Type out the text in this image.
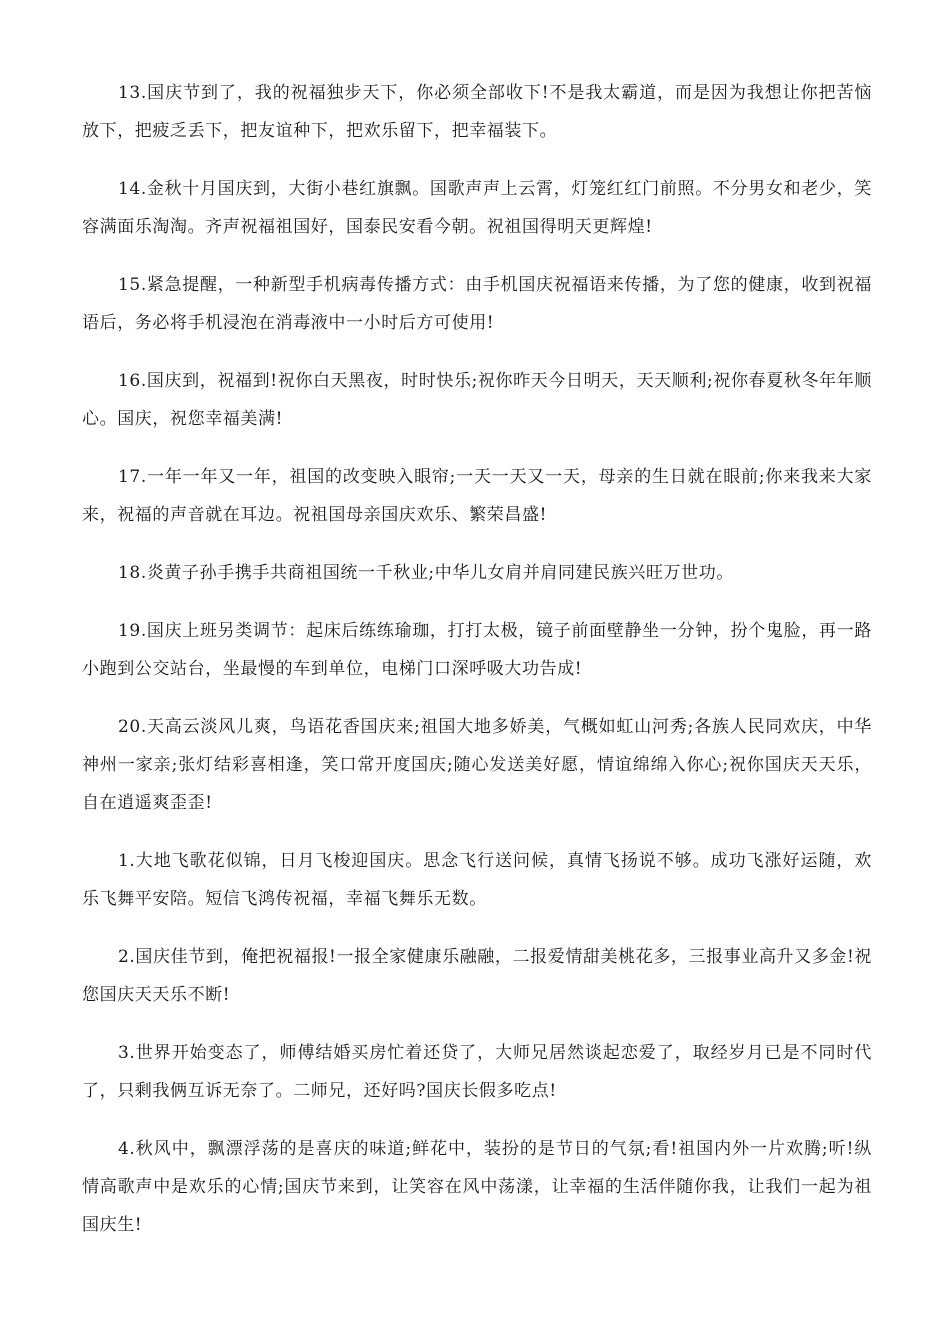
13.国庆节到了，我的祝福独步天下，你必须全部收下!不是我太霸道，而是因为我想让你把苦恼放下，把疲乏丢下，把友谊种下，把欢乐留下，把幸福装下。

14.金秋十月国庆到，大街小巷红旗飘。国歌声声上云霄，灯笼红红门前照。不分男女和老少，笑容满面乐淘淘。齐声祝福祖国好，国泰民安看今朝。祝祖国得明天更辉煌!

15.紧急提醒，一种新型手机病毒传播方式：由手机国庆祝福语来传播，为了您的健康，收到祝福语后，务必将手机浸泡在消毒液中一小时后方可使用!

16.国庆到，祝福到!祝你白天黑夜，时时快乐;祝你昨天今日明天，天天顺利;祝你春夏秋冬年年顺心。国庆，祝您幸福美满!

17.一年一年又一年，祖国的改变映入眼帘;一天一天又一天，母亲的生日就在眼前;你来我来大家来，祝福的声音就在耳边。祝祖国母亲国庆欢乐、繁荣昌盛!

18.炎黄子孙手携手共商祖国统一千秋业;中华儿女肩并肩同建民族兴旺万世功。

19.国庆上班另类调节：起床后练练瑜珈，打打太极，镜子前面壁静坐一分钟，扮个鬼脸，再一路小跑到公交站台，坐最慢的车到单位，电梯门口深呼吸大功告成!

20.天高云淡风儿爽，鸟语花香国庆来;祖国大地多娇美，气概如虹山河秀;各族人民同欢庆，中华神州一家亲;张灯结彩喜相逢，笑口常开度国庆;随心发送美好愿，情谊绵绵入你心;祝你国庆天天乐，自在逍遥爽歪歪!

1.大地飞歌花似锦，日月飞梭迎国庆。思念飞行送问候，真情飞扬说不够。成功飞涨好运随，欢乐飞舞平安陪。短信飞鸿传祝福，幸福飞舞乐无数。

2.国庆佳节到，俺把祝福报!一报全家健康乐融融，二报爱情甜美桃花多，三报事业高升又多金!祝您国庆天天乐不断!

3.世界开始变态了，师傅结婚买房忙着还贷了，大师兄居然谈起恋爱了，取经岁月已是不同时代了，只剩我俩互诉无奈了。二师兄，还好吗?国庆长假多吃点!

4.秋风中，飘漂浮荡的是喜庆的味道;鲜花中，装扮的是节日的气氛;看!祖国内外一片欢腾;听!纵情高歌声中是欢乐的心情;国庆节来到，让笑容在风中荡漾，让幸福的生活伴随你我，让我们一起为祖国庆生!
